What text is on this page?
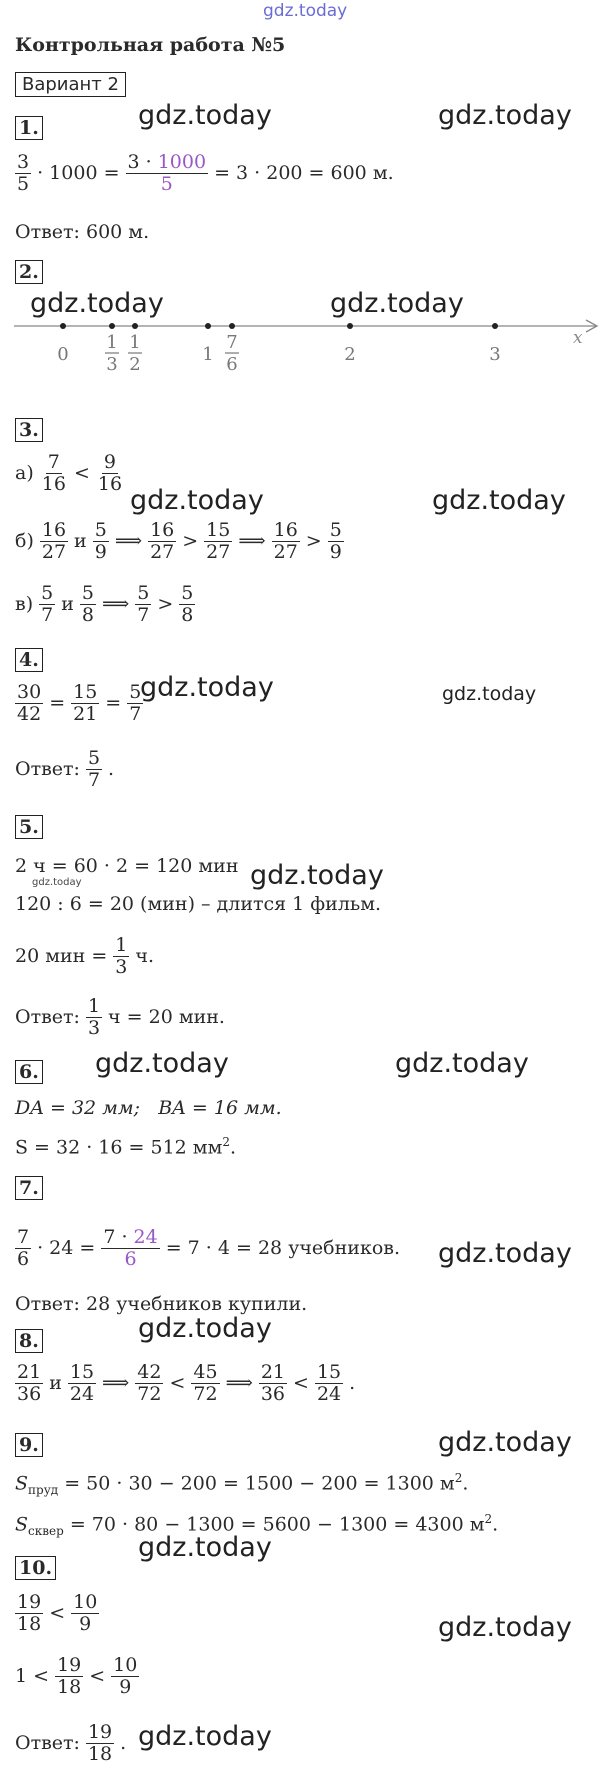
gdz.today
Контрольная работа №5
Вариант 2
1.	gdz.today	gdz.today
$\frac{3}{5} \cdot 1000 = \frac{3 \cdot 1000}{5} = 3 \cdot 200 = 600$ м.
Ответ: 600 м.
2.
gdz.today	gdz.today
x
0
1
3
1
2	1
7
6	2	3
3.
$а) \frac{7}{16} < \frac{9}{16}$
gdz.today	gdz.today
$б) \frac{16}{27}$ и $\frac{5}{9}$ ⟹ $\frac{16}{27} > \frac{15}{27}$ ⟹ $\frac{16}{27} > \frac{5}{9}$
$в) \frac{5}{7}$ и $\frac{5}{8}$ ⟹ $\frac{5}{7} > \frac{5}{8}$
4.
$\frac{30}{42} = \frac{15}{21} = \frac{5}{7}$
gdz.today	gdz.today
Ответ: $\frac{5}{7}$ .
5.
2 ч = 60 · 2 = 120 мин
gdz.today	gdz.today
120 : 6 = 20 (мин) – длится 1 фильм.
20 мин = $\frac{1}{3} ч$.
Ответ: $\frac{1}{3}$ ч = 20 мин.
6. gdz.today	gdz.today
DA = 32 мм;   BA = 16 мм.
S = 32 · 16 = 512 $мм^2$.
7.
$\frac{7}{6} \cdot 24 = \frac{7 \cdot 24}{6} = 7 \cdot 4 = 28$ учебников. gdz.today
Ответ: 28 учебников купили.
8.	gdz.today
$\frac{21}{36}$ и $\frac{15}{24}$ ⟹ $\frac{42}{72} < \frac{45}{72}$ ⟹ $\frac{21}{36} < \frac{15}{24}$ .
9.	gdz.today
$S_{пруд} = 50 \cdot 30 - 200 = 1500 - 200 = 1300$ $м^2$.
$S_{сквер} = 70 \cdot 80 - 1300 = 5600 - 1300 = 4300$ $м^2$.
gdz.today
10.
$\frac{19}{18} < \frac{10}{9}$	gdz.today
$1 < \frac{19}{18} < \frac{10}{9}$
Ответ: $\frac{19}{18}$ . gdz.today
